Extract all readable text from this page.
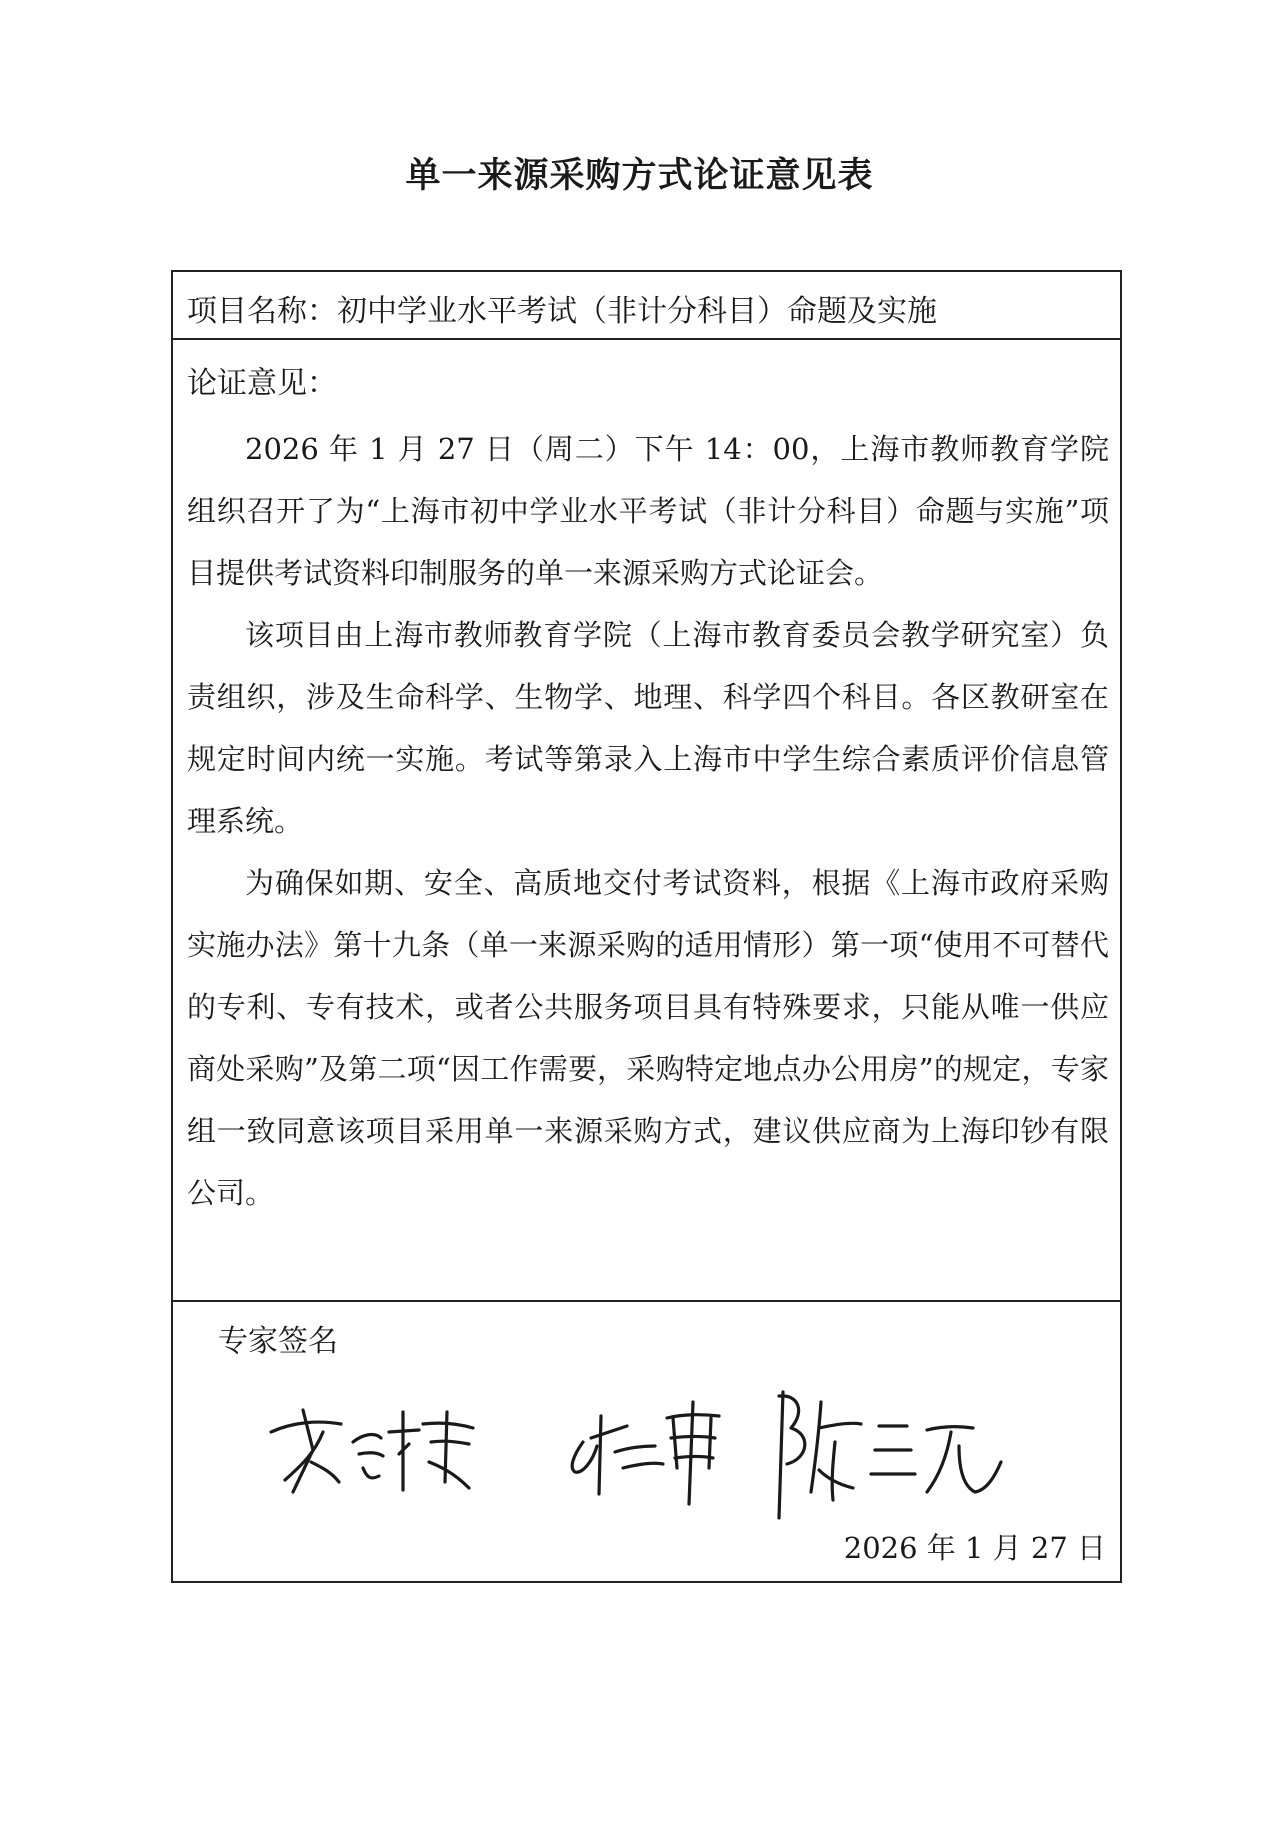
单一来源采购方式论证意见表
项目名称：初中学业水平考试（非计分科目）命题及实施
论证意见：

2026 年 1 月 27 日（周二）下午 14：00，上海市教师教育学院组织召开了为“上海市初中学业水平考试（非计分科目）命题与实施”项目提供考试资料印制服务的单一来源采购方式论证会。

该项目由上海市教师教育学院（上海市教育委员会教学研究室）负责组织，涉及生命科学、生物学、地理、科学四个科目。各区教研室在规定时间内统一实施。考试等第录入上海市中学生综合素质评价信息管理系统。

为确保如期、安全、高质地交付考试资料，根据《上海市政府采购实施办法》第十九条（单一来源采购的适用情形）第一项“使用不可替代的专利、专有技术，或者公共服务项目具有特殊要求，只能从唯一供应商处采购”及第二项“因工作需要，采购特定地点办公用房”的规定，专家组一致同意该项目采用单一来源采购方式，建议供应商为上海印钞有限公司。

专家签名
2026 年 1 月 27 日
